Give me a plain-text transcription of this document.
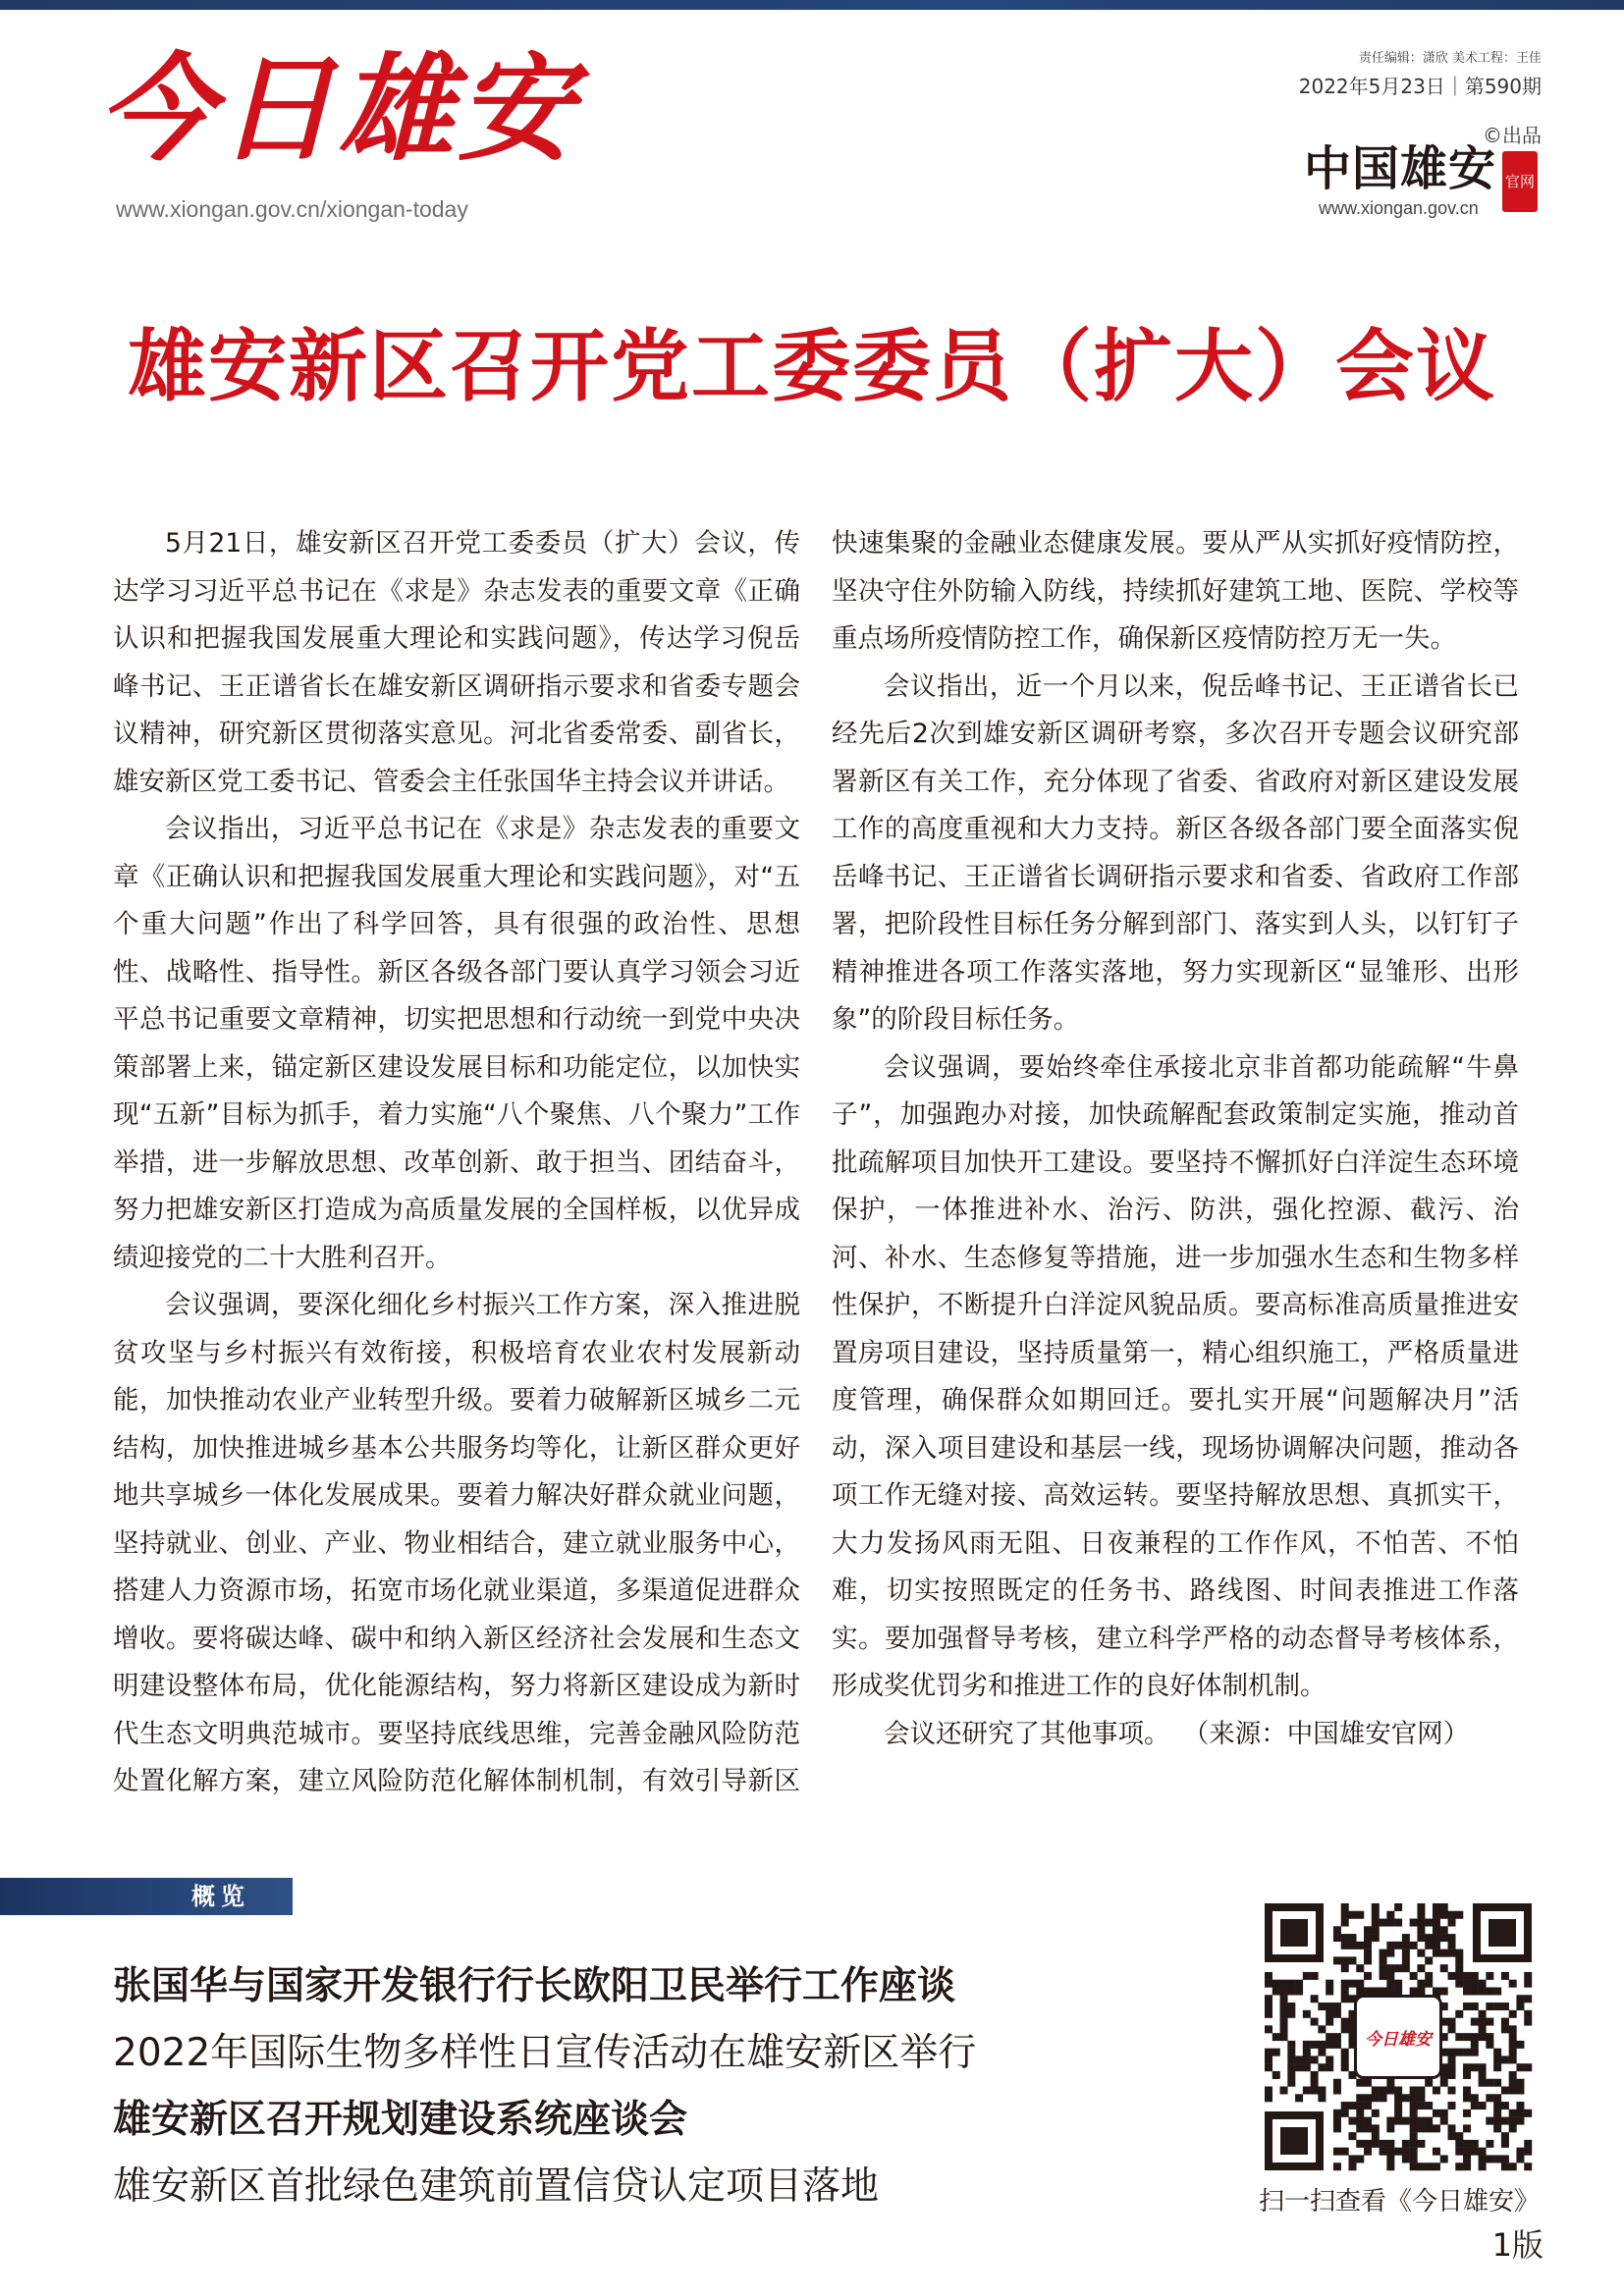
今日雄安
www.xiongan.gov.cn/xiongan-today
责任编辑：潇欣 美术工程：王佳
2022年5月23日｜第590期
©出品
中国雄安 官网
www.xiongan.gov.cn
雄安新区召开党工委委员（扩大）会议

5月21日，雄安新区召开党工委委员（扩大）会议，传达学习习近平总书记在《求是》杂志发表的重要文章《正确认识和把握我国发展重大理论和实践问题》，传达学习倪岳峰书记、王正谱省长在雄安新区调研指示要求和省委专题会议精神，研究新区贯彻落实意见。河北省委常委、副省长，雄安新区党工委书记、管委会主任张国华主持会议并讲话。

会议指出，习近平总书记在《求是》杂志发表的重要文章《正确认识和把握我国发展重大理论和实践问题》，对“五个重大问题”作出了科学回答，具有很强的政治性、思想性、战略性、指导性。新区各级各部门要认真学习领会习近平总书记重要文章精神，切实把思想和行动统一到党中央决策部署上来，锚定新区建设发展目标和功能定位，以加快实现“五新”目标为抓手，着力实施“八个聚焦、八个聚力”工作举措，进一步解放思想、改革创新、敢于担当、团结奋斗，努力把雄安新区打造成为高质量发展的全国样板，以优异成绩迎接党的二十大胜利召开。

会议强调，要深化细化乡村振兴工作方案，深入推进脱贫攻坚与乡村振兴有效衔接，积极培育农业农村发展新动能，加快推动农业产业转型升级。要着力破解新区城乡二元结构，加快推进城乡基本公共服务均等化，让新区群众更好地共享城乡一体化发展成果。要着力解决好群众就业问题，坚持就业、创业、产业、物业相结合，建立就业服务中心，搭建人力资源市场，拓宽市场化就业渠道，多渠道促进群众增收。要将碳达峰、碳中和纳入新区经济社会发展和生态文明建设整体布局，优化能源结构，努力将新区建设成为新时代生态文明典范城市。要坚持底线思维，完善金融风险防范处置化解方案，建立风险防范化解体制机制，有效引导新区快速集聚的金融业态健康发展。要从严从实抓好疫情防控，坚决守住外防输入防线，持续抓好建筑工地、医院、学校等重点场所疫情防控工作，确保新区疫情防控万无一失。

会议指出，近一个月以来，倪岳峰书记、王正谱省长已经先后2次到雄安新区调研考察，多次召开专题会议研究部署新区有关工作，充分体现了省委、省政府对新区建设发展工作的高度重视和大力支持。新区各级各部门要全面落实倪岳峰书记、王正谱省长调研指示要求和省委、省政府工作部署，把阶段性目标任务分解到部门、落实到人头，以钉钉子精神推进各项工作落实落地，努力实现新区“显雏形、出形象”的阶段目标任务。

会议强调，要始终牵住承接北京非首都功能疏解“牛鼻子”，加强跑办对接，加快疏解配套政策制定实施，推动首批疏解项目加快开工建设。要坚持不懈抓好白洋淀生态环境保护，一体推进补水、治污、防洪，强化控源、截污、治河、补水、生态修复等措施，进一步加强水生态和生物多样性保护，不断提升白洋淀风貌品质。要高标准高质量推进安置房项目建设，坚持质量第一，精心组织施工，严格质量进度管理，确保群众如期回迁。要扎实开展“问题解决月”活动，深入项目建设和基层一线，现场协调解决问题，推动各项工作无缝对接、高效运转。要坚持解放思想、真抓实干，大力发扬风雨无阻、日夜兼程的工作作风，不怕苦、不怕难，切实按照既定的任务书、路线图、时间表推进工作落实。要加强督导考核，建立科学严格的动态督导考核体系，形成奖优罚劣和推进工作的良好体制机制。

会议还研究了其他事项。 （来源：中国雄安官网）

概览
张国华与国家开发银行行长欧阳卫民举行工作座谈
2022年国际生物多样性日宣传活动在雄安新区举行
雄安新区召开规划建设系统座谈会
雄安新区首批绿色建筑前置信贷认定项目落地
今日雄安
扫一扫查看《今日雄安》
1版
